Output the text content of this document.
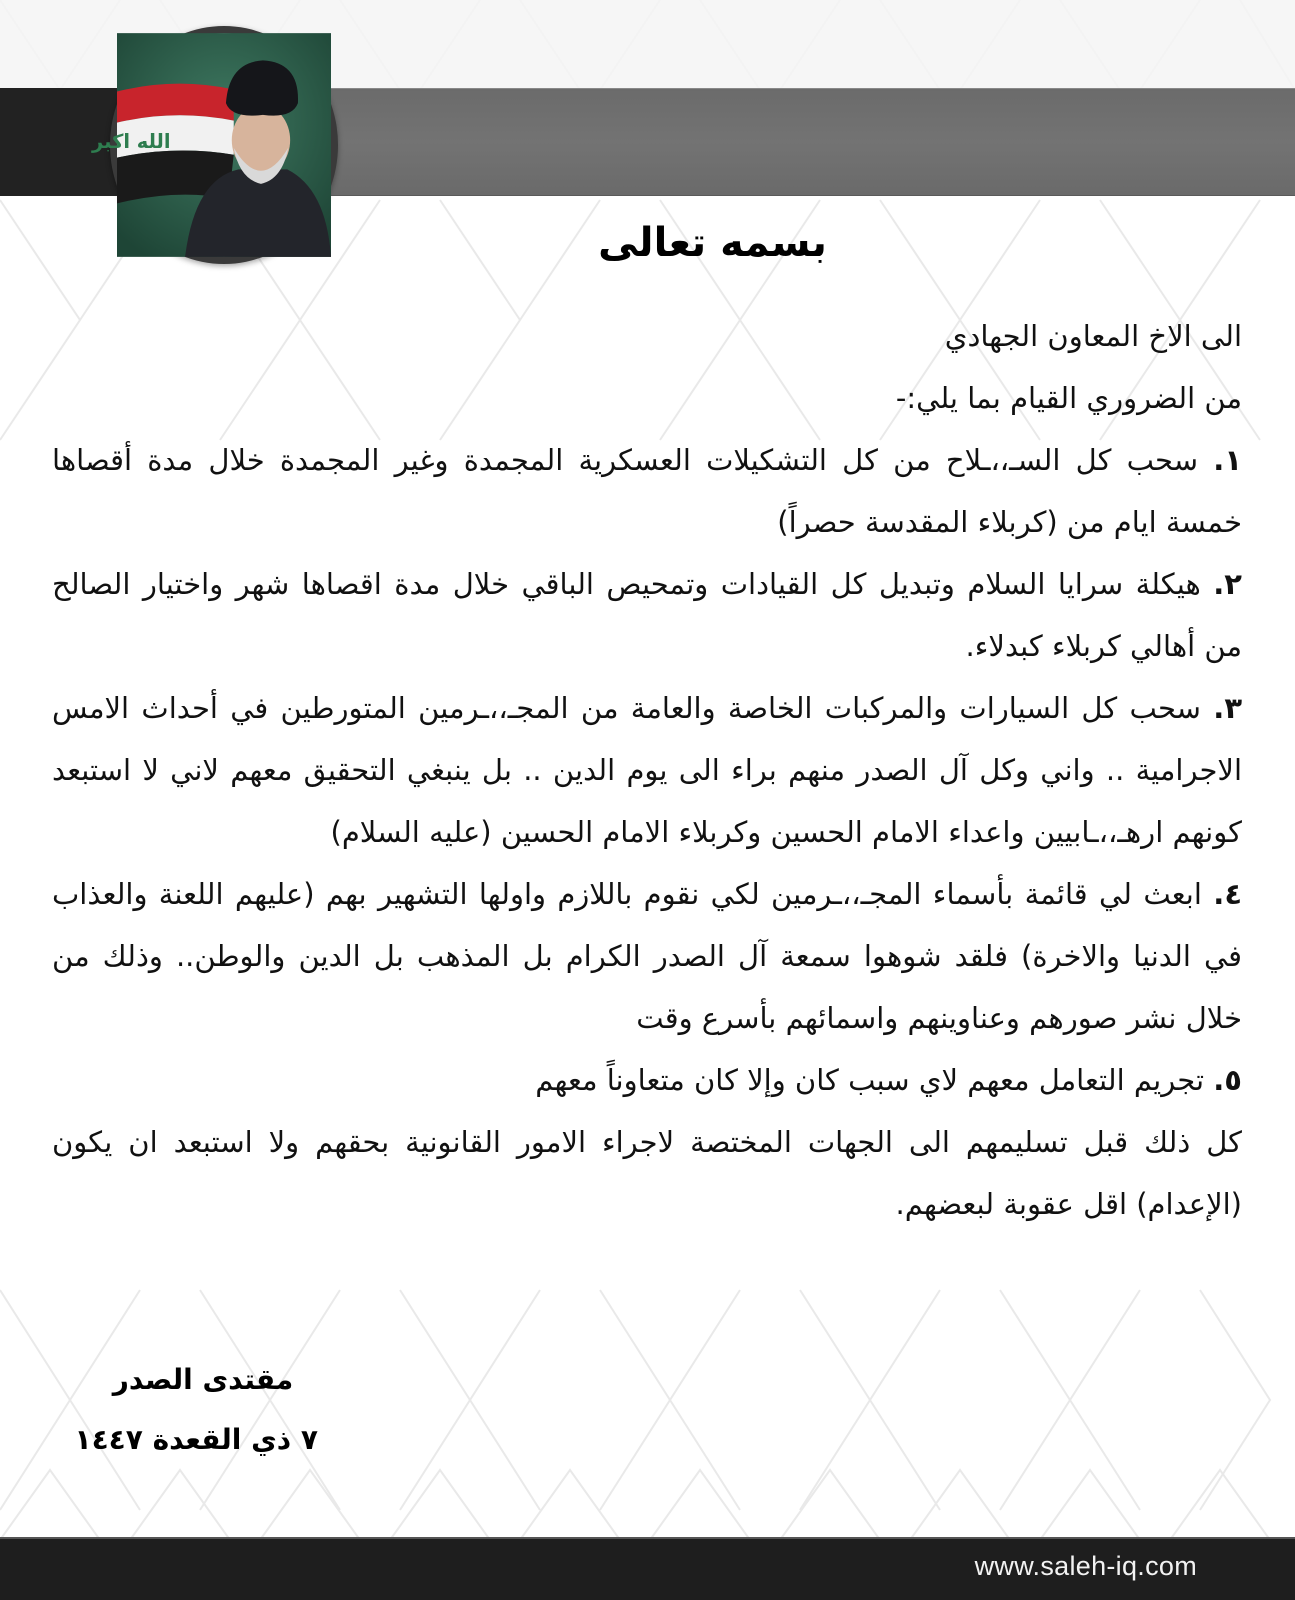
الله اكبر
بسمه تعالى

الى الاخ المعاون الجهادي

من الضروري القيام بما يلي:-

١. سحب كل السـ،،ـلاح من كل التشكيلات العسكرية المجمدة وغير المجمدة خلال مدة أقصاها خمسة ايام من (كربلاء المقدسة حصراً)

٢. هيكلة سرايا السلام وتبديل كل القيادات وتمحيص الباقي خلال مدة اقصاها شهر واختيار الصالح من أهالي كربلاء كبدلاء.

٣. سحب كل السيارات والمركبات الخاصة والعامة من المجـ،،ـرمين المتورطين في أحداث الامس الاجرامية .. واني وكل آل الصدر منهم براء الى يوم الدين .. بل ينبغي التحقيق معهم لاني لا استبعد كونهم ارهـ،،ـابيين واعداء الامام الحسين وكربلاء الامام الحسين (عليه السلام)

٤. ابعث لي قائمة بأسماء المجـ،،ـرمين لكي نقوم باللازم واولها التشهير بهم (عليهم اللعنة والعذاب في الدنيا والاخرة) فلقد شوهوا سمعة آل الصدر الكرام بل المذهب بل الدين والوطن.. وذلك من خلال نشر صورهم وعناوينهم واسمائهم بأسرع وقت

٥. تجريم التعامل معهم لاي سبب كان وإلا كان متعاوناً معهم

كل ذلك قبل تسليمهم الى الجهات المختصة لاجراء الامور القانونية بحقهم ولا استبعد ان يكون (الإعدام) اقل عقوبة لبعضهم.

مقتدى الصدر
٧ ذي القعدة ١٤٤٧
www.saleh-iq.com
